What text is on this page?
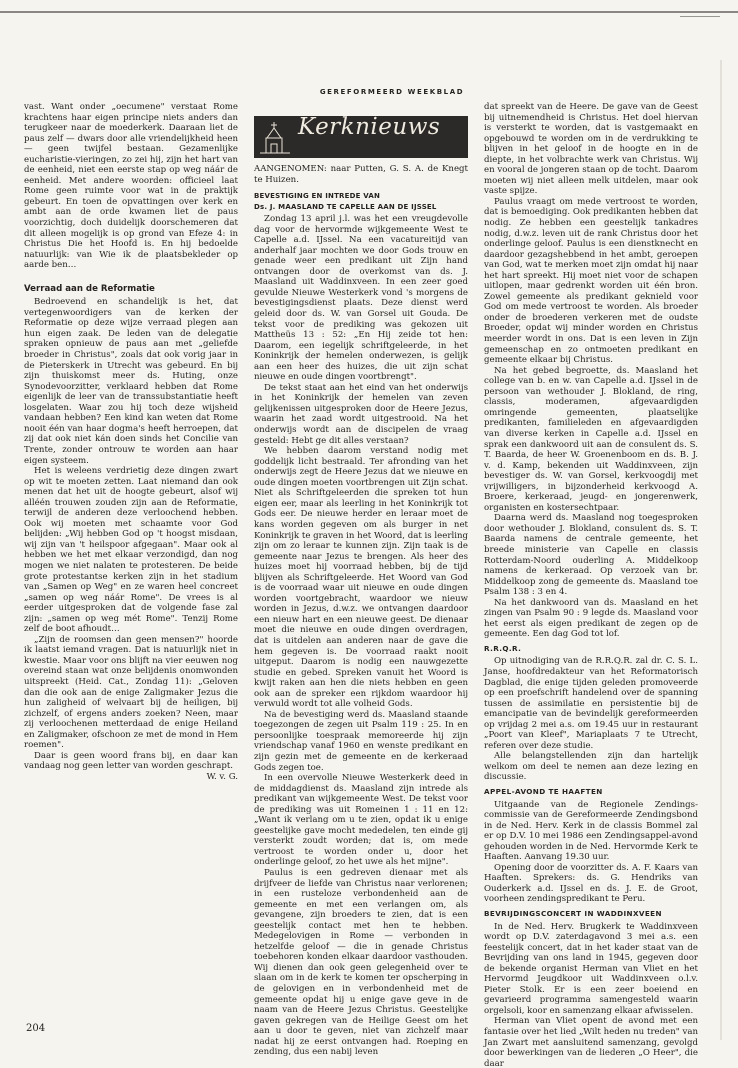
GEREFORMEERD WEEKBLAD

vast. Want onder „oecumene" verstaat Rome krachtens haar eigen principe niets anders dan terugkeer naar de moederkerk. Daaraan liet de paus zelf — dwars door alle vriendelijkheid heen — geen twijfel bestaan. Gezamenlijke eucharistie-vieringen, zo zei hij, zijn het hart van de eenheid, niet een eerste stap op weg náár de eenheid. Met andere woorden: officieel laat Rome geen ruimte voor wat in de praktijk gebeurt. En toen de opvattingen over kerk en ambt aan de orde kwamen liet de paus voorzichtig, doch duidelijk doorschemeren dat dit alleen mogelijk is op grond van Efeze 4: in Christus Die het Hoofd is. En hij bedoelde natuurlijk: van Wie ik de plaatsbekleder op aarde ben…

Verraad aan de Reformatie

Bedroevend en schandelijk is het, dat vertegenwoordigers van de kerken der Reformatie op deze wijze verraad plegen aan hun eigen zaak. De leden van de delegatie spraken opnieuw de paus aan met „geliefde broeder in Christus", zoals dat ook vorig jaar in de Pieterskerk in Utrecht was gebeurd. En bij zijn thuiskomst meer ds. Huting, onze Synodevoorzitter, verklaard hebben dat Rome eigenlijk de leer van de transsubstantiatie heeft losgelaten. Waar zou hij toch deze wijsheid vandaan hebben? Een kind kan weten dat Rome nooit één van haar dogma's heeft herroepen, dat zij dat ook niet kán doen sinds het Concilie van Trente, zonder ontrouw te worden aan haar eigen systeem.

Het is weleens verdrietig deze dingen zwart op wit te moeten zetten. Laat niemand dan ook menen dat het uit de hoogte gebeurt, alsof wij alléén trouwen zouden zijn aan de Reformatie, terwijl de anderen deze verloochend hebben. Ook wij moeten met schaamte voor God belijden: „Wij hebben God op 't hoogst misdaan, wij zijn van 't heilspoor afgegaan". Maar ook al hebben we het met elkaar verzondigd, dan nog mogen we niet nalaten te protesteren. De beide grote protestantse kerken zijn in het stadium van „Samen op Weg" en ze waren heel concreet „samen op weg náár Rome". De vrees is al eerder uitgesproken dat de volgende fase zal zijn: „samen op weg mét Rome". Tenzij Rome zelf de boot afhoudt…

„Zijn de roomsen dan geen mensen?" hoorde ik laatst iemand vragen. Dat is natuurlijk niet in kwestie. Maar voor ons blijft na vier eeuwen nog overeind staan wat onze belijdenis onomwonden uitspreekt (Heid. Cat., Zondag 11): „Geloven dan die ook aan de enige Zaligmaker Jezus die hun zaligheid of welvaart bij de heiligen, bij zichzelf, of ergens anders zoeken? Neen, maar zij verloochenen metterdaad de enige Heiland en Zaligmaker, ofschoon ze met de mond in Hem roemen".

Daar is geen woord frans bij, en daar kan vandaag nog geen letter van worden geschrapt.

W. v. G.
Kerknieuws

AANGENOMEN: naar Putten, G. S. A. de Knegt te Huizen.

BEVESTIGING EN INTREDE VAN
Ds. J. MAASLAND TE CAPELLE AAN DE IJSSEL

Zondag 13 april j.l. was het een vreugdevolle dag voor de hervormde wijkgemeente West te Capelle a.d. IJssel. Na een vacatureitijd van anderhalf jaar mochten we door Gods trouw en genade weer een predikant uit Zijn hand ontvangen door de overkomst van ds. J. Maasland uit Waddinxveen. In een zeer goed gevulde Nieuwe Westerkerk vond 's morgens de bevestigingsdienst plaats. Deze dienst werd geleid door ds. W. van Gorsel uit Gouda. De tekst voor de prediking was gekozen uit Mattheüs 13 : 52: „En Hij zeide tot hen: Daarom, een iegelijk schriftgeleerde, in het Koninkrijk der hemelen onderwezen, is gelijk aan een heer des huizes, die uit zijn schat nieuwe en oude dingen voortbrengt".

De tekst staat aan het eind van het onderwijs in het Koninkrijk der hemelen van zeven gelijkenissen uitgesproken door de Heere Jezus, waarin het zaad wordt uitgestrooid. Na het onderwijs wordt aan de discipelen de vraag gesteld: Hebt ge dit alles verstaan?

We hebben daarom verstand nodig met goddelijk licht bestraald. Ter afronding van het onderwijs zegt de Heere Jezus dat we nieuwe en oude dingen moeten voortbrengen uit Zijn schat. Niet als Schriftgeleerden die spreken tot hun eigen eer, maar als leerling in het Koninkrijk tot Gods eer. De nieuwe herder en leraar moet de kans worden gegeven om als burger in net Koninkrijk te graven in het Woord, dat is leerling zijn om zo leraar te kunnen zijn. Zijn taak is de gemeente naar Jezus te brengen. Als heer des huizes moet hij voorraad hebben, bij de tijd blijven als Schriftgeleerde. Het Woord van God is de voorraad waar uit nieuwe en oude dingen worden voortgebracht, waardoor we nieuw worden in Jezus, d.w.z. we ontvangen daardoor een nieuw hart en een nieuwe geest. De dienaar moet die nieuwe en oude dingen overdragen, dat is uitdelen aan anderen naar de gave die hem gegeven is. De voorraad raakt nooit uitgeput. Daarom is nodig een nauwgezette studie en gebed. Spreken vanuit het Woord is kwijt raken aan hen die niets hebben en geen ook aan de spreker een rijkdom waardoor hij verwuld wordt tot alle volheid Gods.

Na de bevestiging werd ds. Maasland staande toegezongen de zegen uit Psalm 119 : 25. In en persoonlijke toespraak memoreerde hij zijn vriendschap vanaf 1960 en wenste predikant en zijn gezin met de gemeente en de kerkeraad Gods zegen toe.

In een overvolle Nieuwe Westerkerk deed in de middagdienst ds. Maasland zijn intrede als predikant van wijkgemeente West. De tekst voor de prediking was uit Romeinen 1 : 11 en 12: „Want ik verlang om u te zien, opdat ik u enige geestelijke gave mocht mededelen, ten einde gij versterkt zoudt worden; dat is, om mede vertroost te worden onder u, door het onderlinge geloof, zo het uwe als het mijne".

Paulus is een gedreven dienaar met als drijfveer de liefde van Christus naar verlorenen; in een rusteloze verbondenheid aan de gemeente en met een verlangen om, als gevangene, zijn broeders te zien, dat is een geestelijk contact met hen te hebben. Medegelovigen in Rome — verbonden in hetzelfde geloof — die in genade Christus toebehoren konden elkaar daardoor vasthouden. Wij dienen dan ook geen gelegenheid over te slaan om in de kerk te komen ter opscherping in de gelovigen en in verbondenheid met de gemeente opdat hij u enige gave geve in de naam van de Heere Jezus Christus. Geestelijke gaven gekregen van de Heilige Geest om het aan u door te geven, niet van zichzelf maar nadat hij ze eerst ontvangen had. Roeping en zending, dus een nabij leven

dat spreekt van de Heere. De gave van de Geest bij uitnemendheid is Christus. Het doel hiervan is versterkt te worden, dat is vastgemaakt en opgebouwd te worden om in de verdrukking te blijven in het geloof in de hoogte en in de diepte, in het volbrachte werk van Christus. Wij en vooral de jongeren staan op de tocht. Daarom moeten wij niet alleen melk uitdelen, maar ook vaste spijze.

Paulus vraagt om mede vertroost te worden, dat is bemoediging. Ook predikanten hebben dat nodig. Ze hebben een geestelijk tankadres nodig, d.w.z. leven uit de rank Christus door het onderlinge geloof. Paulus is een dienstknecht en daardoor gezagshebbend in het ambt, geroepen van God, wat te merken moet zijn omdat hij naar het hart spreekt. Hij moet niet voor de schapen uitlopen, maar gedrenkt worden uit één bron. Zowel gemeente als predikant geknield voor God om mede vertroost te worden. Als broeder onder de broederen verkeren met de oudste Broeder, opdat wij minder worden en Christus meerder wordt in ons. Dat is een leven in Zijn gemeenschap en zo ontmoeten predikant en gemeente elkaar bij Christus.

Na het gebed begroette, ds. Maasland het college van b. en w. van Capelle a.d. IJssel in de persoon van wethouder J. Blokland, de ring, classis, moderamen, afgevaardigden omringende gemeenten, plaatselijke predikanten, familieleden en afgevaardigden van diverse kerken in Capelle a.d. IJssel en sprak een dankwoord uit aan de consulent ds. S. T. Baarda, de heer W. Groenenboom en ds. B. J. v. d. Kamp, bekenden uit Waddinxveen, zijn bevestiger ds. W. van Gorsel, kerkvoogdij met vrijwilligers, in bijzonderheid kerkvoogd A. Broere, kerkeraad, jeugd- en jongerenwerk, organisten en kostersechtpaar.

Daarna werd ds. Maasland nog toegesproken door wethouder J. Blokland, consulent ds. S. T. Baarda namens de centrale gemeente, het breede ministerie van Capelle en classis Rotterdam-Noord ouderling A. Middelkoop namens de kerkeraad. Op verzoek van br. Middelkoop zong de gemeente ds. Maasland toe Psalm 138 : 3 en 4.

Na het dankwoord van ds. Maasland en het zingen van Psalm 90 : 9 legde ds. Maasland voor het eerst als eigen predikant de zegen op de gemeente. Een dag God tot lof.

R.R.Q.R.

Op uitnodiging van de R.R.Q.R. zal dr. C. S. L. Janse, hoofdredakteur van het Reformatorisch Dagblad, die enige tijden geleden promoveerde op een proefschrift handelend over de spanning tussen de assimilatie en persistentie bij de emancipatie van de bevindelijk gereformeerden op vrijdag 2 mei a.s. om 19.45 uur in restaurant „Poort van Kleef", Mariaplaats 7 te Utrecht, referen over deze studie.

Alle belangstellenden zijn dan hartelijk welkom om deel te nemen aan deze lezing en discussie.

APPEL-AVOND TE HAAFTEN

Uitgaande van de Regionele Zendings-commissie van de Gereformeerde Zendingsbond in de Ned. Herv. Kerk in de classis Bommel zal er op D.V. 10 mei 1986 een Zendingsappel-avond gehouden worden in de Ned. Hervormde Kerk te Haaften. Aanvang 19.30 uur.

Opening door de voorzitter ds. A. F. Kaars van Haaften. Sprekers: ds. G. Hendriks van Ouderkerk a.d. IJssel en ds. J. E. de Groot, voorheen zendingspredikant te Peru.

BEVRIJDINGSCONCERT IN WADDINXVEEN

In de Ned. Herv. Brugkerk te Waddinxveen wordt op D.V. zaterdagavond 3 mei a.s. een feestelijk concert, dat in het kader staat van de Bevrijding van ons land in 1945, gegeven door de bekende organist Herman van Vliet en het Hervormd Jeugdkoor uit Waddinxveen o.l.v. Pieter Stolk. Er is een zeer boeiend en gevarieerd programma samengesteld waarin orgelsoli, koor en samenzang elkaar afwisselen.

Herman van Vliet opent de avond met een fantasie over het lied „Wilt heden nu treden" van Jan Zwart met aansluitend samenzang, gevolgd door bewerkingen van de liederen „O Heer", die daar

204
